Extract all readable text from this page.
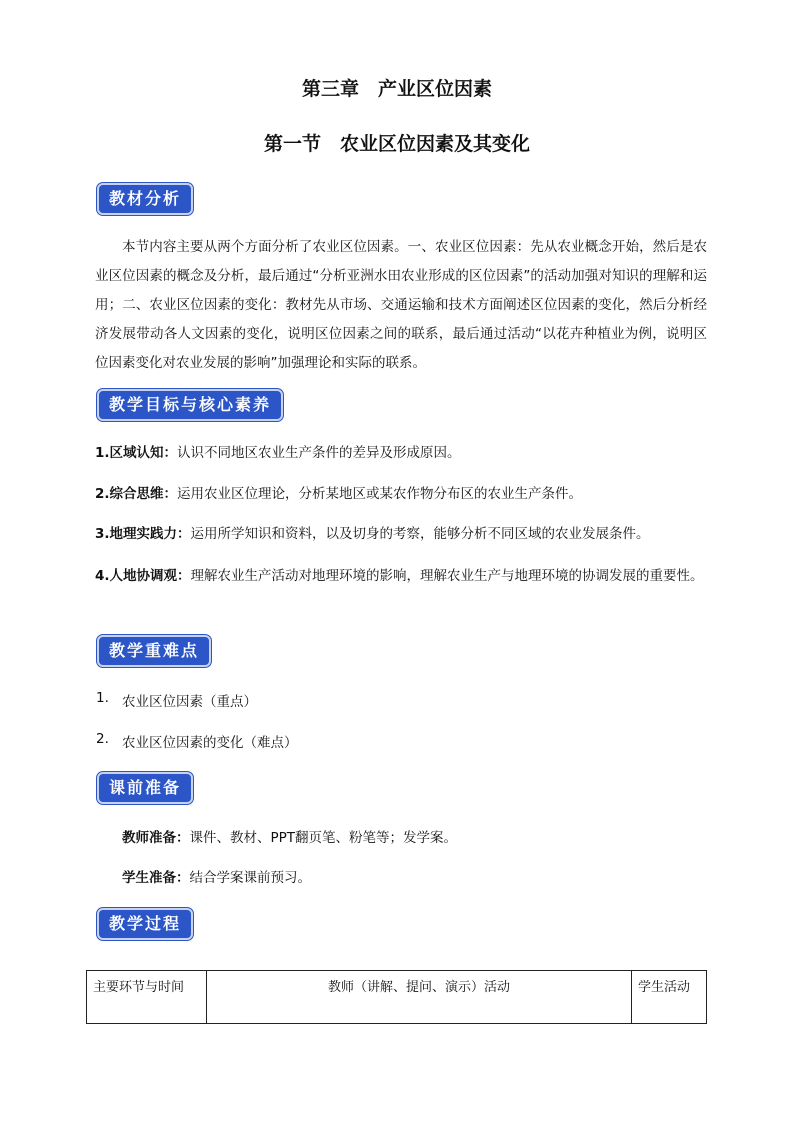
第三章　产业区位因素
第一节　农业区位因素及其变化
教材分析
本节内容主要从两个方面分析了农业区位因素。一、农业区位因素：先从农业概念开始，然后是农业区位因素的概念及分析，最后通过“分析亚洲水田农业形成的区位因素”的活动加强对知识的理解和运用；二、农业区位因素的变化：教材先从市场、交通运输和技术方面阐述区位因素的变化，然后分析经济发展带动各人文因素的变化，说明区位因素之间的联系，最后通过活动“以花卉种植业为例，说明区位因素变化对农业发展的影响”加强理论和实际的联系。
教学目标与核心素养
1.区域认知：认识不同地区农业生产条件的差异及形成原因。
2.综合思维：运用农业区位理论，分析某地区或某农作物分布区的农业生产条件。
3.地理实践力：运用所学知识和资料，以及切身的考察，能够分析不同区域的农业发展条件。
4.人地协调观：理解农业生产活动对地理环境的影响，理解农业生产与地理环境的协调发展的重要性。
教学重难点
1. 农业区位因素（重点）
2. 农业区位因素的变化（难点）
课前准备
教师准备：课件、教材、PPT翻页笔、粉笔等；发学案。
学生准备：结合学案课前预习。
教学过程
主要环节与时间	教师（讲解、提问、演示）活动	学生活动
